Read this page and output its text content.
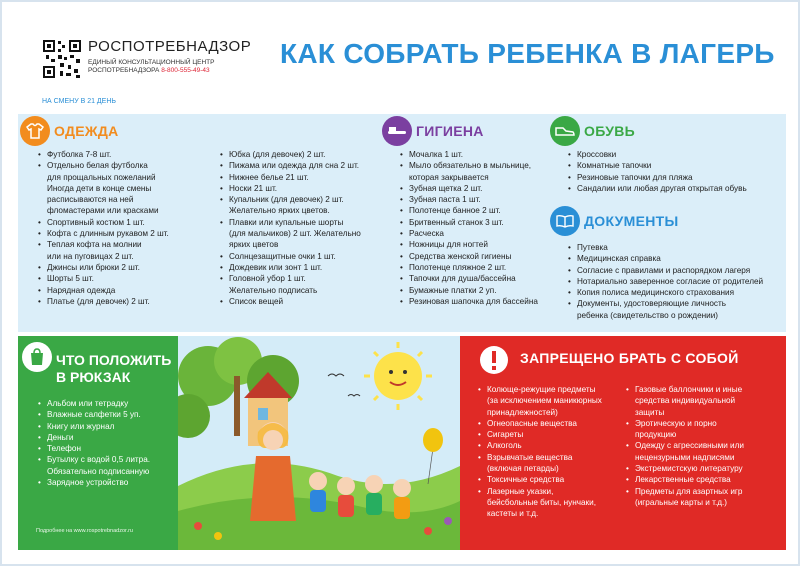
РОСПОТРЕБНАДЗОР
ЕДИНЫЙ КОНСУЛЬТАЦИОННЫЙ ЦЕНТР
РОСПОТРЕБНАДЗОРА 8-800-555-49-43
КАК СОБРАТЬ РЕБЕНКА В ЛАГЕРЬ
НА СМЕНУ В 21 ДЕНЬ
ОДЕЖДА
• Футболка 7-8 шт.
• Отдельно белая футболка
для прощальных пожеланий
Иногда дети в конце смены
расписываются на ней
фломастерами или красками
• Спортивный костюм 1 шт.
• Кофта с длинным рукавом 2 шт.
• Теплая кофта на молнии
или на пуговицах 2 шт.
• Джинсы или брюки 2 шт.
• Шорты 5 шт.
• Нарядная одежда
• Платье (для девочек) 2 шт.
• Юбка (для девочек) 2 шт.
• Пижама или одежда для сна 2 шт.
• Нижнее белье 21 шт.
• Носки 21 шт.
• Купальник (для девочек) 2 шт.
Желательно ярких цветов.
• Плавки или купальные шорты
(для мальчиков) 2 шт. Желательно
ярких цветов
• Солнцезащитные очки 1 шт.
• Дождевик или зонт 1 шт.
• Головной убор 1 шт.
Желательно подписать
• Список вещей
ГИГИЕНА
• Мочалка 1 шт.
• Мыло обязательно в мыльнице,
которая закрывается
• Зубная щетка 2 шт.
• Зубная паста 1 шт.
• Полотенце банное 2 шт.
• Бритвенный станок 3 шт.
• Расческа
• Ножницы для ногтей
• Средства женской гигиены
• Полотенце пляжное 2 шт.
• Тапочки для душа/бассейна
• Бумажные платки 2 уп.
• Резиновая шапочка для бассейна
ОБУВЬ
• Кроссовки
• Комнатные тапочки
• Резиновые тапочки для пляжа
• Сандалии или любая другая открытая обувь
ДОКУМЕНТЫ
• Путевка
• Медицинская справка
• Согласие с правилами и распорядком лагеря
• Нотариально заверенное согласие от родителей
• Копия полиса медицинского страхования
• Документы, удостоверяющие личность
ребенка (свидетельство о рождении)
ЧТО ПОЛОЖИТЬ
В РЮКЗАК
• Альбом или тетрадку
• Влажные салфетки 5 уп.
• Книгу или журнал
• Деньги
• Телефон
• Бутылку с водой 0,5 литра.
Обязательно подписанную
• Зарядное устройство
Подробнее на www.rospotrebnadzor.ru
ЗАПРЕЩЕНО БРАТЬ С СОБОЙ
• Колюще-режущие предметы
(за исключением маникюрных
принадлежностей)
• Огнеопасные вещества
• Сигареты
• Алкоголь
• Взрывчатые вещества
(включая петарды)
• Токсичные средства
• Лазерные указки,
бейсбольные биты, нунчаки,
кастеты и т.д.
• Газовые баллончики и иные
средства индивидуальной
защиты
• Эротическую и порно
продукцию
• Одежду с агрессивными или
нецензурными надписями
• Экстремистскую литературу
• Лекарственные средства
• Предметы для азартных игр
(игральные карты и т.д.)
